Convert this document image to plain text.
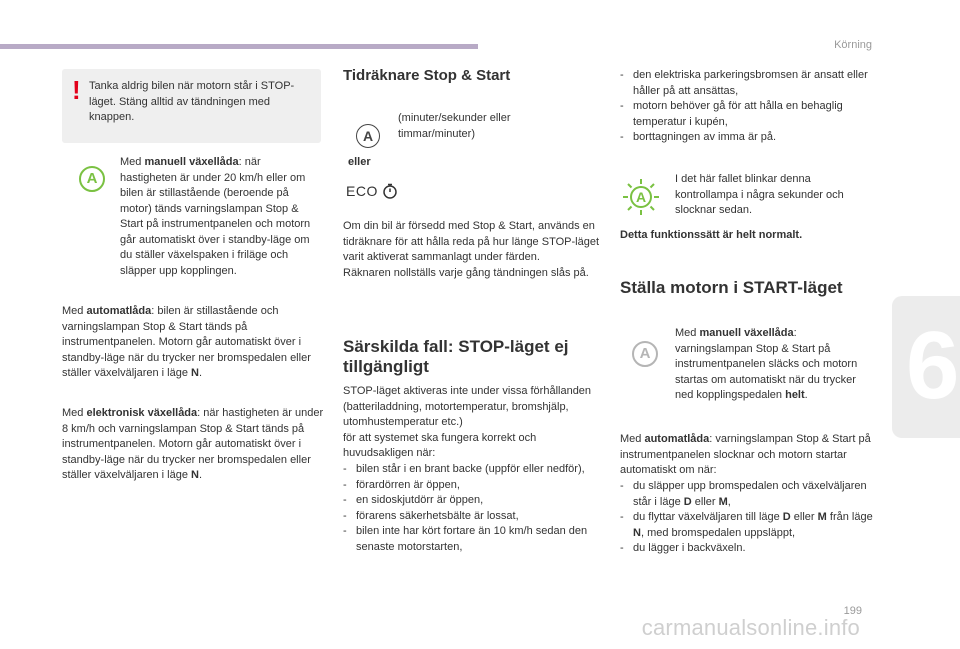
Körning
6
199
carmanualsonline.info
! Tanka aldrig bilen när motorn står i STOP-läget. Stäng alltid av tändningen med knappen.

A

Med manuell växellåda: när hastigheten är under 20 km/h eller om bilen är stillastående (beroende på motor) tänds varningslampan Stop & Start på instrumentpanelen och motorn går automatiskt över i standby-läge om du ställer växelspaken i friläge och släpper upp kopplingen.

Med automatlåda: bilen är stillastående och varningslampan Stop & Start tänds på instrumentpanelen. Motorn går automatiskt över i standby-läge när du trycker ner bromspedalen eller ställer växelväljaren i läge N.

Med elektronisk växellåda: när hastigheten är under 8 km/h och varningslampan Stop & Start tänds på instrumentpanelen. Motorn går automatiskt över i standby-läge när du trycker ner bromspedalen eller ställer växelväljaren i läge N.

Tidräknare Stop & Start
A
eller

(minuter/sekunder eller timmar/minuter)

ECO

Om din bil är försedd med Stop & Start, används en tidräknare för att hålla reda på hur länge STOP-läget varit aktiverat sammanlagt under färden.
Räknaren nollställs varje gång tändningen slås på.

Särskilda fall: STOP-läget ej tillgängligt

STOP-läget aktiveras inte under vissa förhållanden (batteriladdning, motortemperatur, bromshjälp, utomhustemperatur etc.)
för att systemet ska fungera korrekt och huvudsakligen när:

- bilen står i en brant backe (uppför eller nedför),
- förardörren är öppen,
- en sidoskjutdörr är öppen,
- förarens säkerhetsbälte är lossat,
- bilen inte har kört fortare än 10 km/h sedan den senaste motorstarten,
- den elektriska parkeringsbromsen är ansatt eller håller på att ansättas,
- motorn behöver gå för att hålla en behaglig temperatur i kupén,
- borttagningen av imma är på.
A

I det här fallet blinkar denna kontrollampa i några sekunder och slocknar sedan.

Detta funktionssätt är helt normalt.

Ställa motorn i START-läget
A

Med manuell växellåda: varningslampan Stop & Start på instrumentpanelen släcks och motorn startas om automatiskt när du trycker ned kopplingspedalen helt.

Med automatlåda: varningslampan Stop & Start på instrumentpanelen slocknar och motorn startar automatiskt om när:

- du släpper upp bromspedalen och växelväljaren står i läge D eller M,
- du flyttar växelväljaren till läge D eller M från läge N, med bromspedalen uppsläppt,
- du lägger i backväxeln.
